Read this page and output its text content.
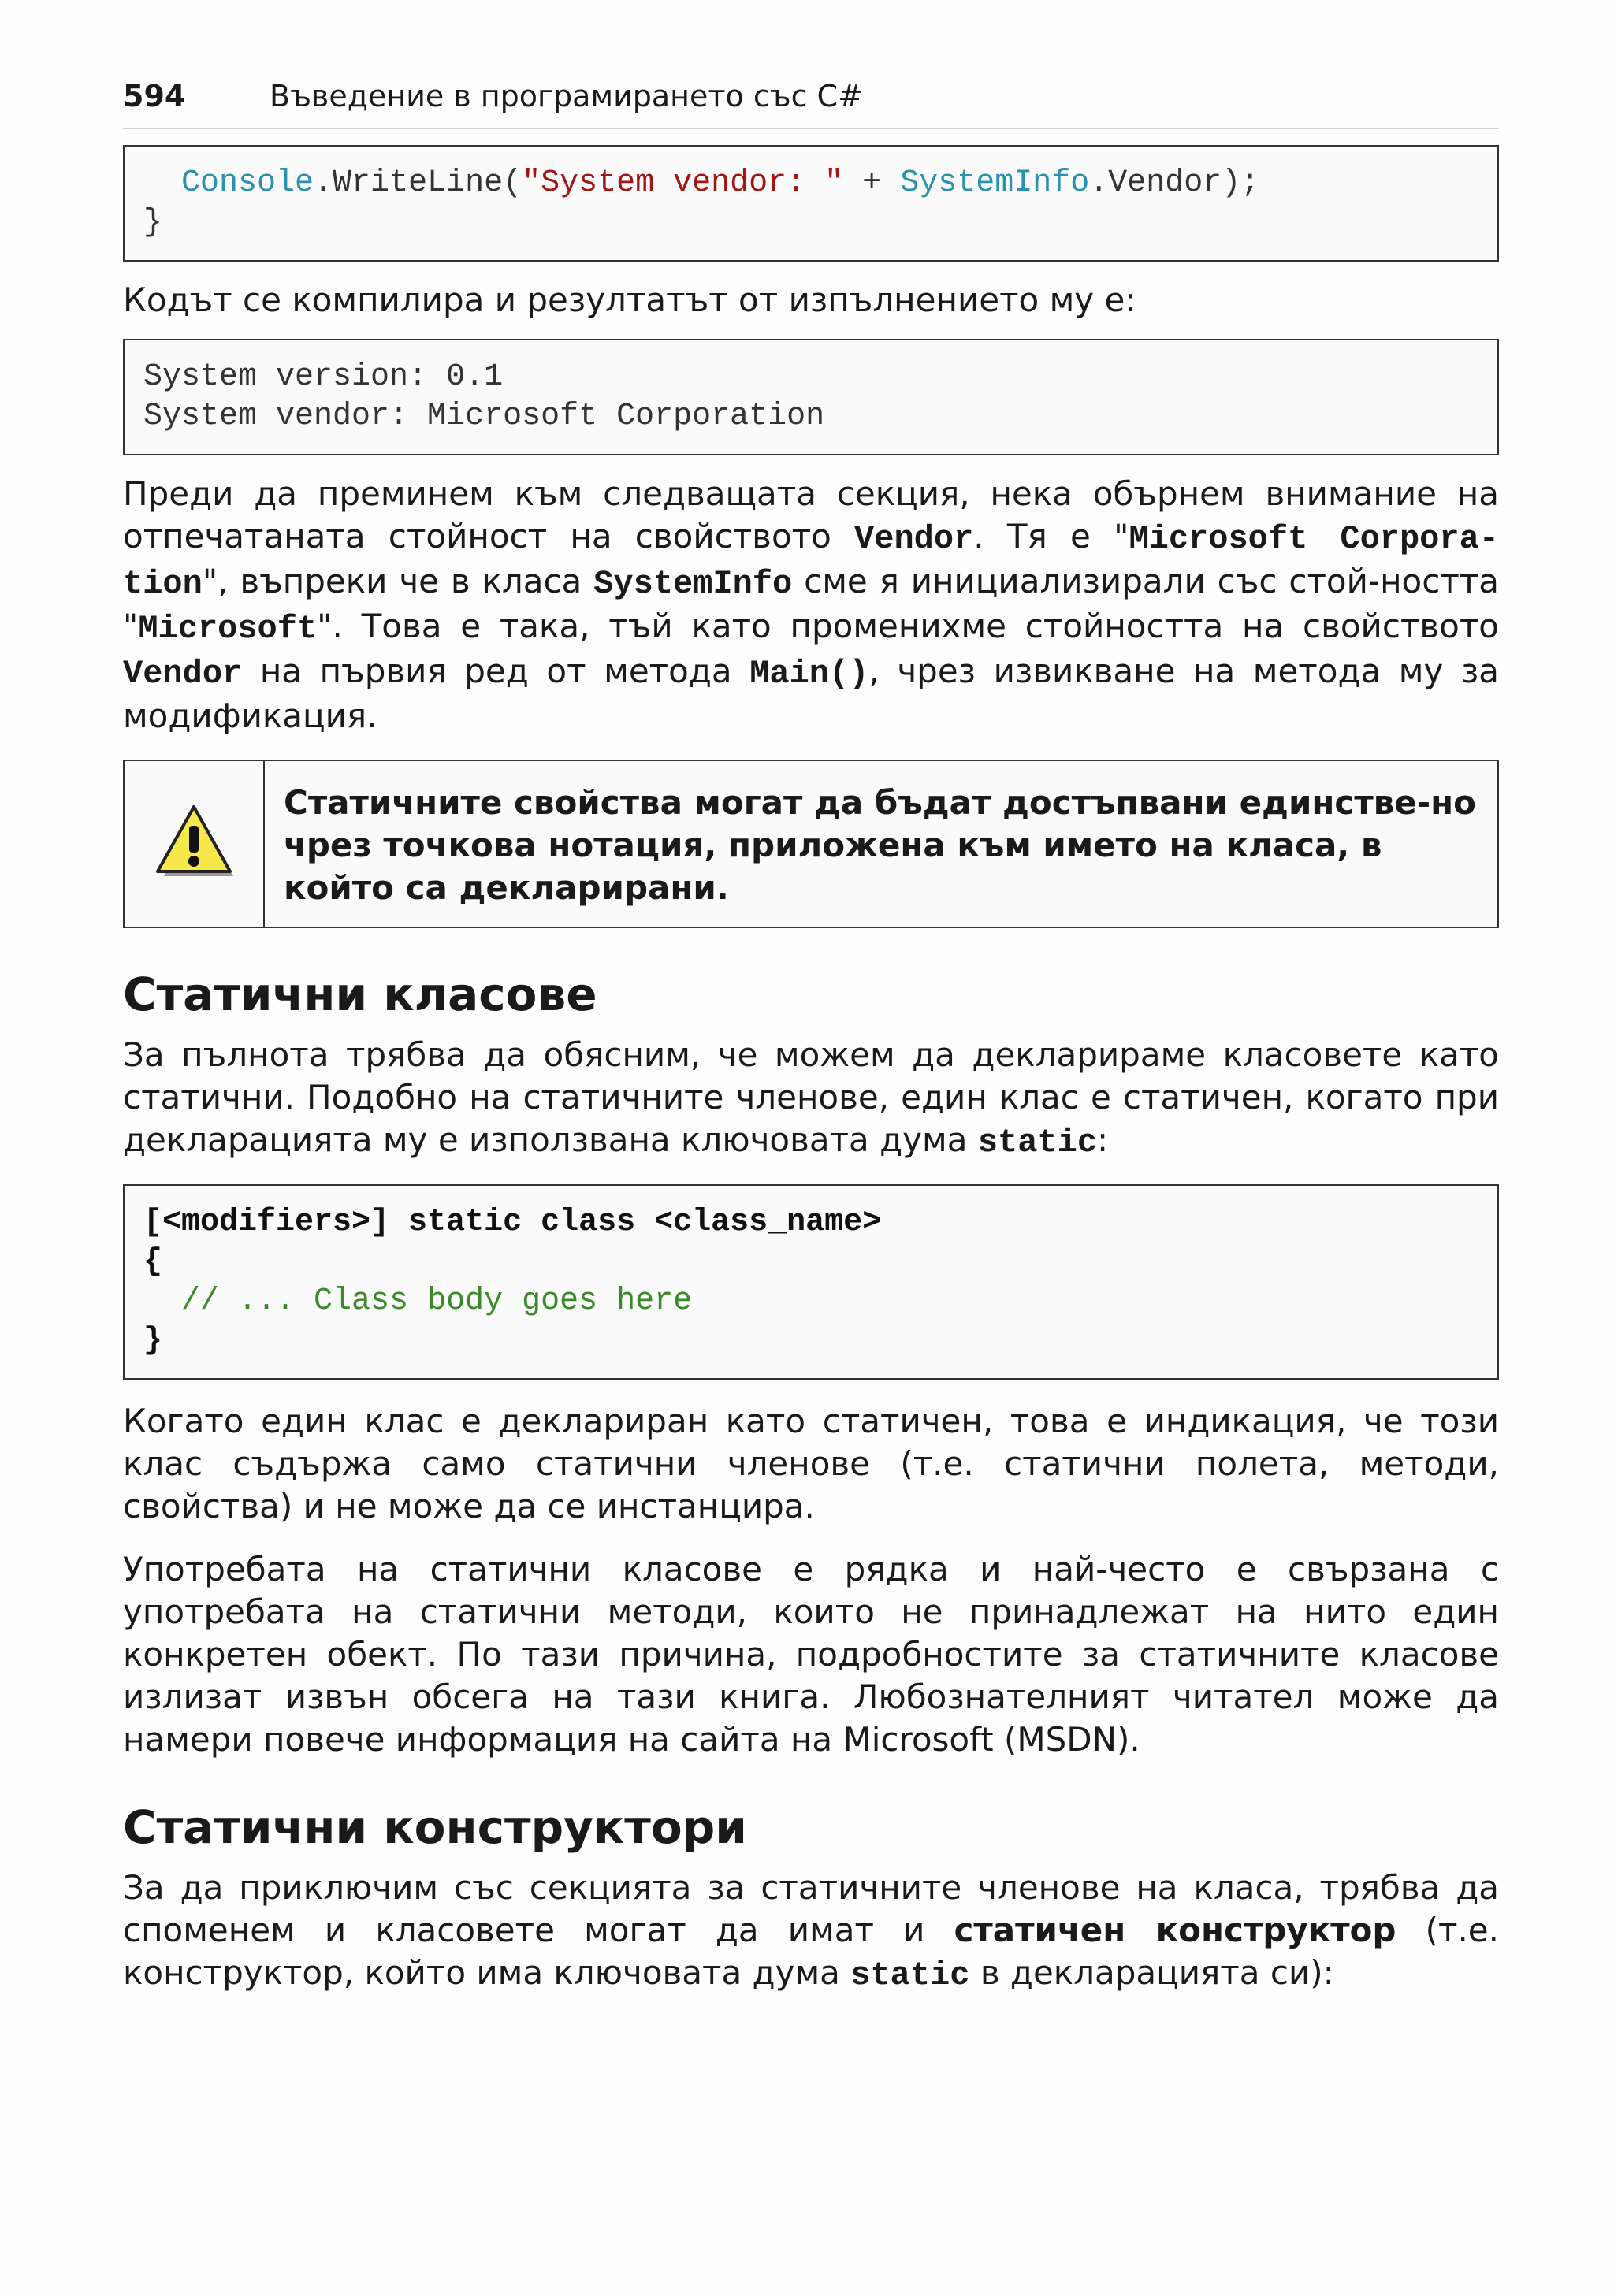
594	Въведение в програмирането със C#
Console.WriteLine("System vendor: " + SystemInfo.Vendor);
}

Кодът се компилира и резултатът от изпълнението му е:

System version: 0.1
System vendor: Microsoft Corporation

Преди да преминем към следващата секция, нека обърнем внимание на отпечатаната стойност на свойството Vendor. Тя е "Microsoft Corpora-tion", въпреки че в класа SystemInfo сме я инициализирали със стой-ността "Microsoft". Това е така, тъй като променихме стойността на свойството Vendor на първия ред от метода Main(), чрез извикване на метода му за модификация.

Статичните свойства могат да бъдат достъпвани единстве-но чрез точкова нотация, приложена към името на класа, в който са декларирани.
Статични класове

За пълнота трябва да обясним, че можем да декларираме класовете като статични. Подобно на статичните членове, един клас е статичен, когато при декларацията му е използвана ключовата дума static:

[<modifiers>] static class <class_name>
{
// ... Class body goes here
}

Когато един клас е деклариран като статичен, това е индикация, че този клас съдържа само статични членове (т.е. статични полета, методи, свойства) и не може да се инстанцира.

Употребата на статични класове е рядка и най-често е свързана с употребата на статични методи, които не принадлежат на нито един конкретен обект. По тази причина, подробностите за статичните класове излизат извън обсега на тази книга. Любознателният читател може да намери повече информация на сайта на Microsoft (MSDN).

Статични конструктори

За да приключим със секцията за статичните членове на класа, трябва да споменем и класовете могат да имат и статичен конструктор (т.е. конструктор, който има ключовата дума static в декларацията си):
